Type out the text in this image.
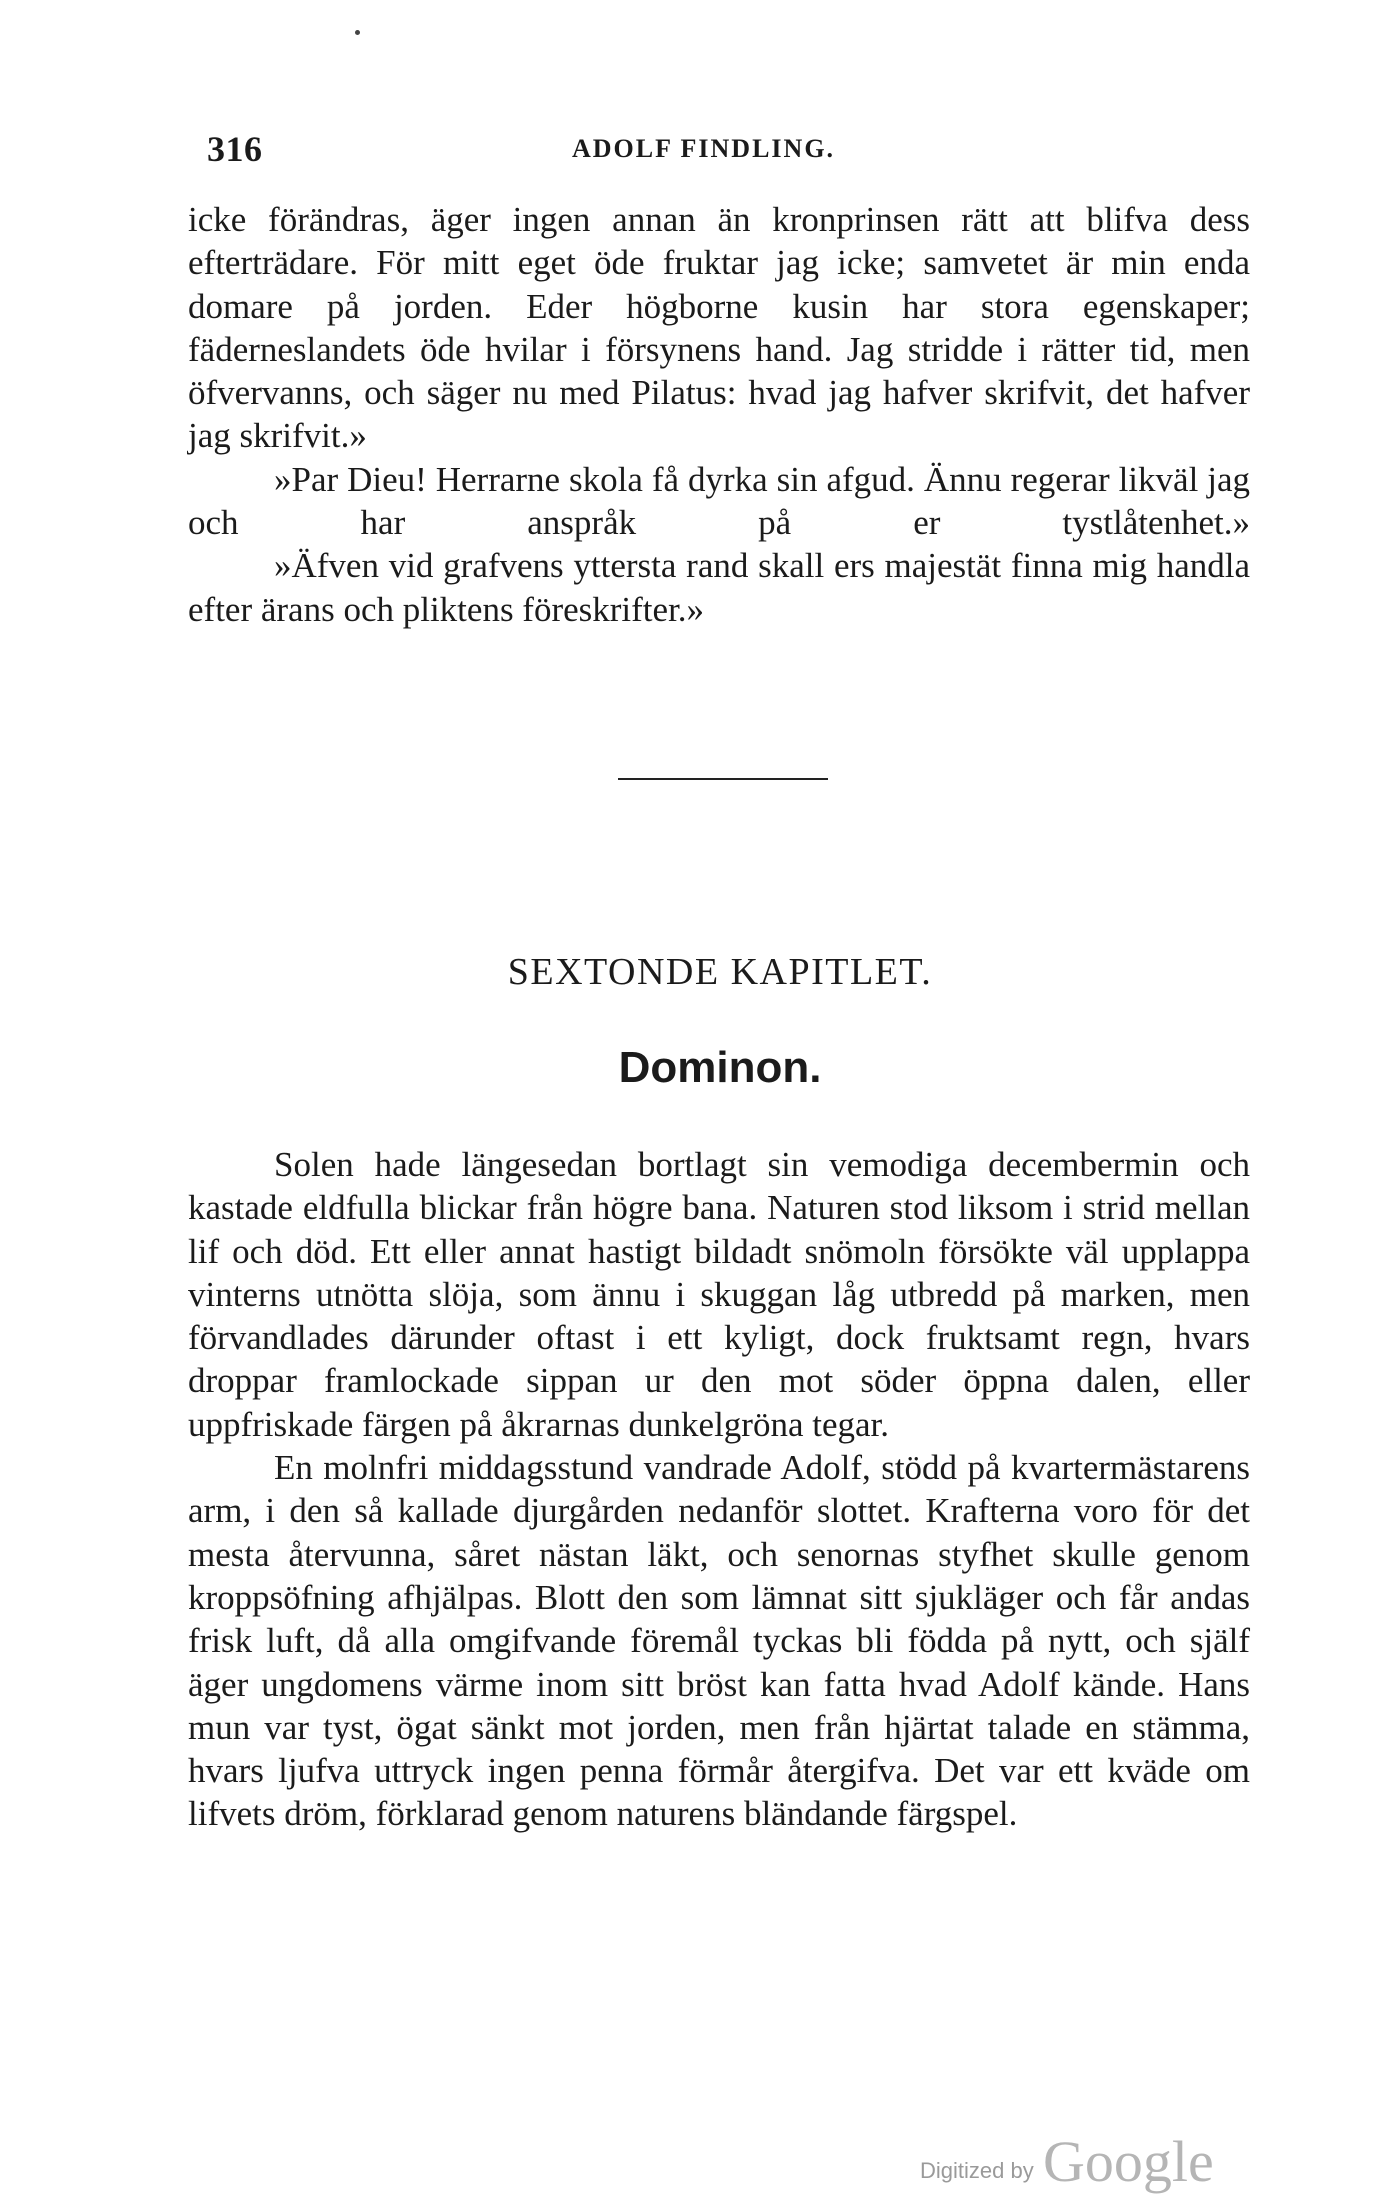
316	ADOLF FINDLING.

icke förändras, äger ingen annan än kronprinsen rätt att blifva dess efterträdare. För mitt eget öde fruktar jag icke; samvetet är min enda domare på jorden. Eder högborne kusin har stora egenskaper; fäderneslandets öde hvilar i försynens hand. Jag stridde i rätter tid, men öfvervanns, och säger nu med Pilatus: hvad jag hafver skrifvit, det hafver jag skrifvit.»

»Par Dieu! Herrarne skola få dyrka sin afgud. Ännu regerar likväl jag och har anspråk på er tystlåtenhet.»

»Äfven vid grafvens yttersta rand skall ers majestät finna mig handla efter ärans och pliktens föreskrifter.»

SEXTONDE KAPITLET.
Dominon.

Solen hade längesedan bortlagt sin vemodiga decembermin och kastade eldfulla blickar från högre bana. Naturen stod liksom i strid mellan lif och död. Ett eller annat hastigt bildadt snömoln försökte väl upplappa vinterns utnötta slöja, som ännu i skuggan låg utbredd på marken, men förvandlades därunder oftast i ett kyligt, dock fruktsamt regn, hvars droppar framlockade sippan ur den mot söder öppna dalen, eller uppfriskade färgen på åkrarnas dunkelgröna tegar.

En molnfri middagsstund vandrade Adolf, stödd på kvartermästarens arm, i den så kallade djurgården nedanför slottet. Krafterna voro för det mesta återvunna, såret nästan läkt, och senornas styfhet skulle genom kroppsöfning afhjälpas. Blott den som lämnat sitt sjukläger och får andas frisk luft, då alla omgifvande föremål tyckas bli födda på nytt, och själf äger ungdomens värme inom sitt bröst kan fatta hvad Adolf kände. Hans mun var tyst, ögat sänkt mot jorden, men från hjärtat talade en stämma, hvars ljufva uttryck ingen penna förmår återgifva. Det var ett kväde om lifvets dröm, förklarad genom naturens bländande färgspel.

Digitized by Google
